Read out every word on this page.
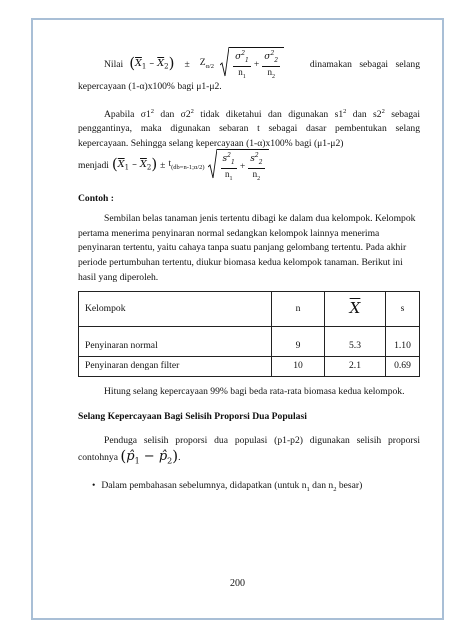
Nilai $(\overline{X}_1 - \overline{X}_2) \pm Z_{\alpha/2} \frac{\sigma^2_1}{n_1} + \frac{\sigma^2_2}{n_2}$	dinamakan sebagai selang

kepercayaan (1-α)x100% bagi μ1-μ2.

Apabila $\sigma 1^2$ dan $\sigma 2^2$ tidak diketahui dan digunakan $s1^2$ dan $s2^2$ sebagai penggantinya, maka digunakan sebaran t sebagai dasar pembentukan selang kepercayaan. Sehingga selang kepercayaan (1-α)x100% bagi (μ1-μ2)

menjadi $(\overline{X}_1 - \overline{X}_2) \pm t_{(db=n-1;\alpha/2)} \frac{s^2_1}{n_1} + \frac{s^2_2}{n_2}$

Contoh :

Sembilan belas tanaman jenis tertentu dibagi ke dalam dua kelompok. Kelompok pertama menerima penyinaran normal sedangkan kelompok lainnya menerima penyinaran tertentu, yaitu cahaya tanpa suatu panjang gelombang tertentu. Pada akhir periode pertumbuhan tertentu, diukur biomasa kedua kelompok tanaman. Berikut ini hasil yang diperoleh.

Kelompok	n	$\overline{X}$	s

Penyinaran normal	9	5.3	1.10
Penyinaran dengan filter	10	2.1	0.69

Hitung selang kepercayaan 99% bagi beda rata-rata biomasa kedua kelompok.

Selang Kepercayaan Bagi Selisih Proporsi Dua Populasi

Penduga selisih proporsi dua populasi (p1-p2) digunakan selisih proporsi contohnya ($p̂_1$ − $p̂_2$).

• Dalam pembahasan sebelumnya, didapatkan (untuk $n_1$ dan $n_2$ besar)
200
